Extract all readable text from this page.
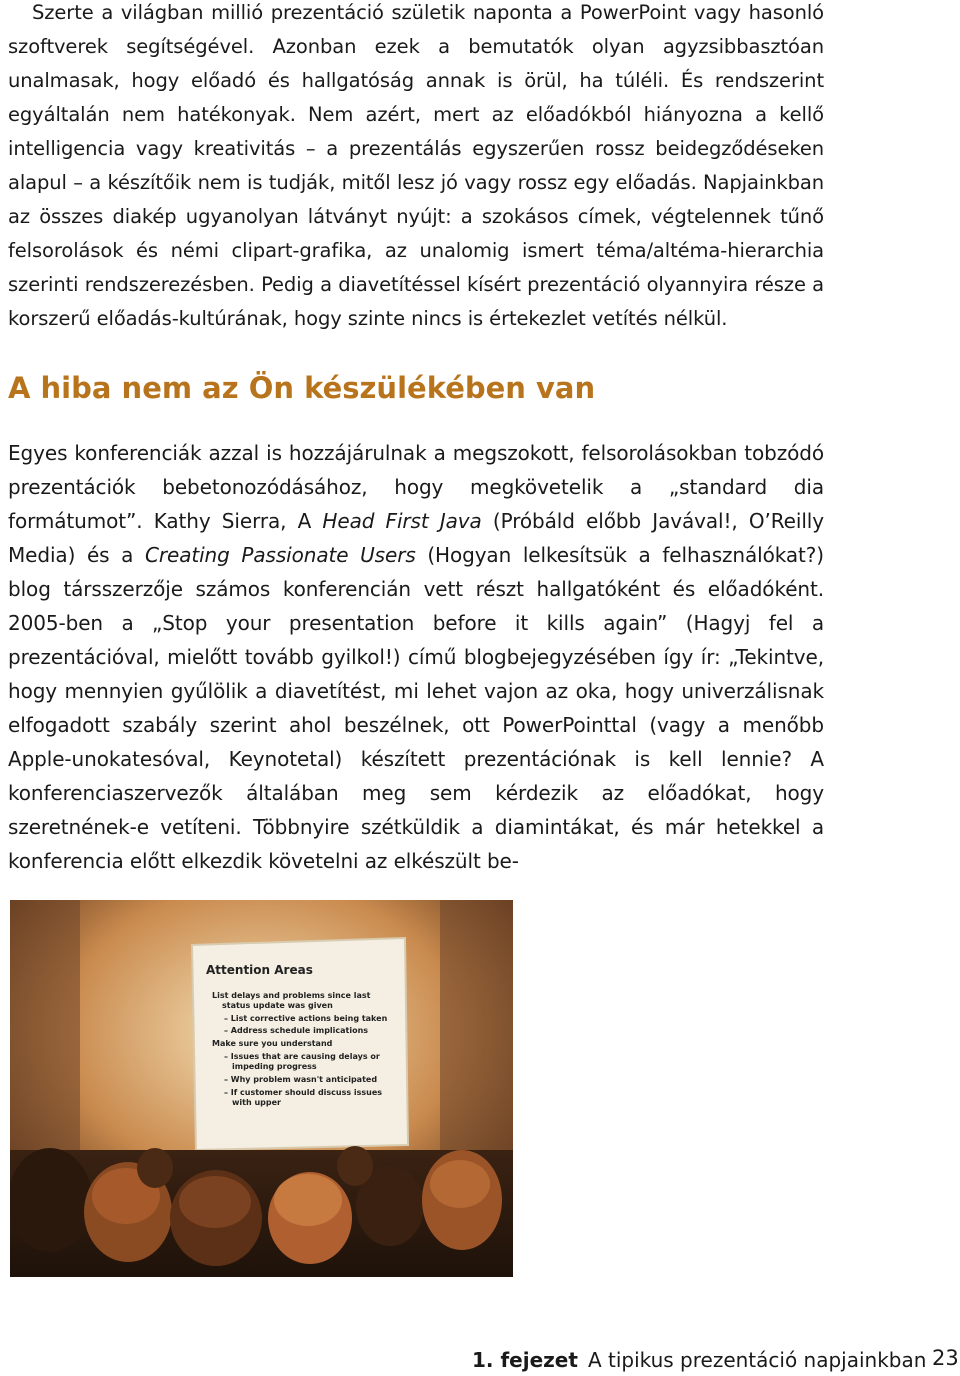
Szerte a világban millió prezentáció születik naponta a PowerPoint vagy hasonló szoftverek segítségével. Azonban ezek a bemutatók olyan agyzsibbasztóan unalmasak, hogy előadó és hallgatóság annak is örül, ha túléli. És rendszerint egyáltalán nem hatékonyak. Nem azért, mert az előadókból hiányozna a kellő intelligencia vagy kreativitás – a prezentálás egyszerűen rossz beidegződéseken alapul – a készítőik nem is tudják, mitől lesz jó vagy rossz egy előadás. Napjainkban az összes diakép ugyanolyan látványt nyújt: a szokásos címek, végtelennek tűnő felsorolások és némi clipart-grafika, az unalomig ismert téma/altéma-hierarchia szerinti rendszerezésben. Pedig a diavetítéssel kísért prezentáció olyannyira része a korszerű előadás-kultúrának, hogy szinte nincs is értekezlet vetítés nélkül.

A hiba nem az Ön készülékében van

Egyes konferenciák azzal is hozzájárulnak a megszokott, felsorolásokban tobzódó prezentációk bebetonozódásához, hogy megkövetelik a „standard dia formátumot”. Kathy Sierra, A Head First Java (Próbáld előbb Javával!, O’Reilly Media) és a Creating Passionate Users (Hogyan lelkesítsük a felhasználókat?) blog társszerzője számos konferencián vett részt hallgatóként és előadóként. 2005-ben a „Stop your presentation before it kills again” (Hagyj fel a prezentációval, mielőtt tovább gyilkol!) című blogbejegyzésében így ír: „Tekintve, hogy mennyien gyűlölik a diavetítést, mi lehet vajon az oka, hogy univerzálisnak elfogadott szabály szerint ahol beszélnek, ott PowerPointtal (vagy a menőbb Apple-unokatesóval, Keynotetal) készített prezentációnak is kell lennie? A konferenciaszervezők általában meg sem kérdezik az előadókat, hogy szeretnének-e vetíteni. Többnyire szétküldik a diamintákat, és már hetekkel a konferencia előtt elkezdik követelni az elkészült be-

Attention Areas
List delays and problems since last
status update was given
– List corrective actions being taken
– Address schedule implications
Make sure you understand
– Issues that are causing delays or
impeding progress
– Why problem wasn't anticipated
– If customer should discuss issues
with upper
1. fejezet A tipikus prezentáció napjainkban 23
